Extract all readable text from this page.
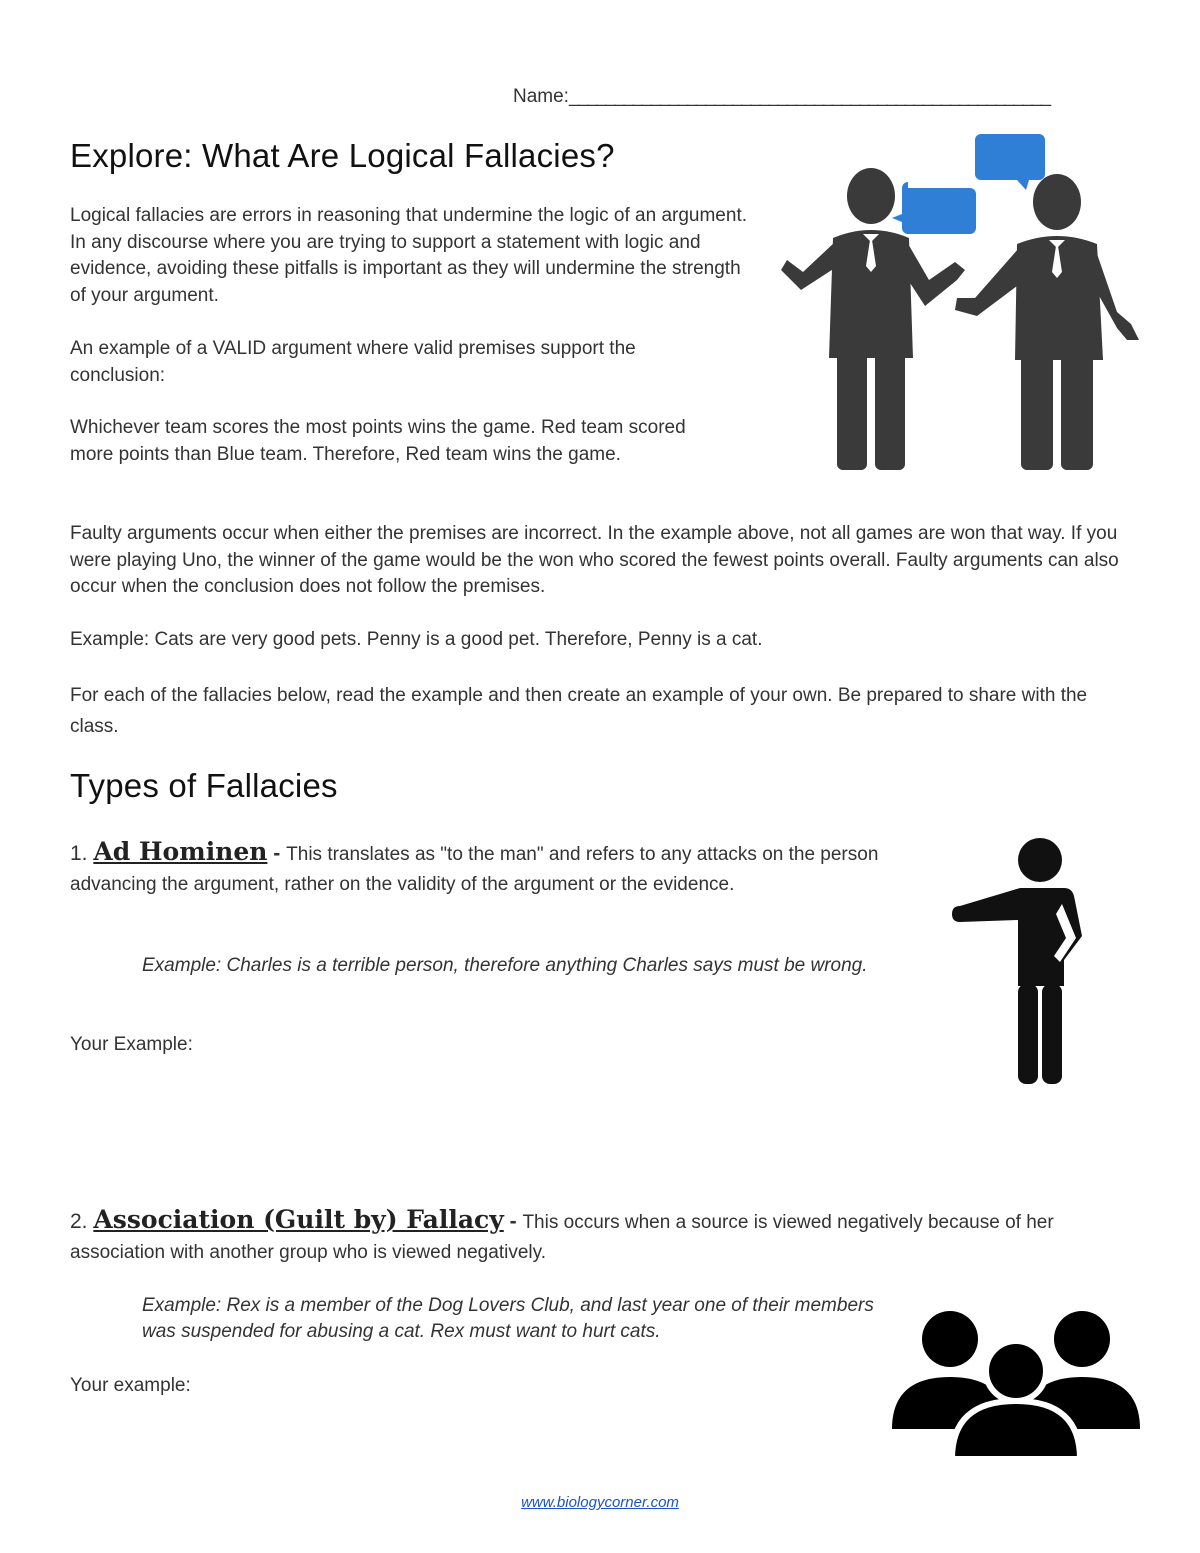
Name:_____________________________________________________
Explore: What Are Logical Fallacies?
Logical fallacies are errors in reasoning that undermine the logic of an argument. In any discourse where you are trying to support a statement with logic and evidence, avoiding these pitfalls is important as they will undermine the strength of your argument.
An example of a VALID argument where valid premises support the conclusion:
Whichever team scores the most points wins the game. Red team scored more points than Blue team. Therefore, Red team wins the game.
Faulty arguments occur when either the premises are incorrect. In the example above, not all games are won that way. If you were playing Uno, the winner of the game would be the won who scored the fewest points overall. Faulty arguments can also occur when the conclusion does not follow the premises.
Example: Cats are very good pets. Penny is a good pet. Therefore, Penny is a cat.
For each of the fallacies below, read the example and then create an example of your own. Be prepared to share with the class.
Types of Fallacies
1. Ad Hominen - This translates as "to the man" and refers to any attacks on the person advancing the argument, rather on the validity of the argument or the evidence.
Example: Charles is a terrible person, therefore anything Charles says must be wrong.
Your Example:
2. Association (Guilt by) Fallacy - This occurs when a source is viewed negatively because of her association with another group who is viewed negatively.
Example: Rex is a member of the Dog Lovers Club, and last year one of their members was suspended for abusing a cat. Rex must want to hurt cats.
Your example:
www.biologycorner.com
